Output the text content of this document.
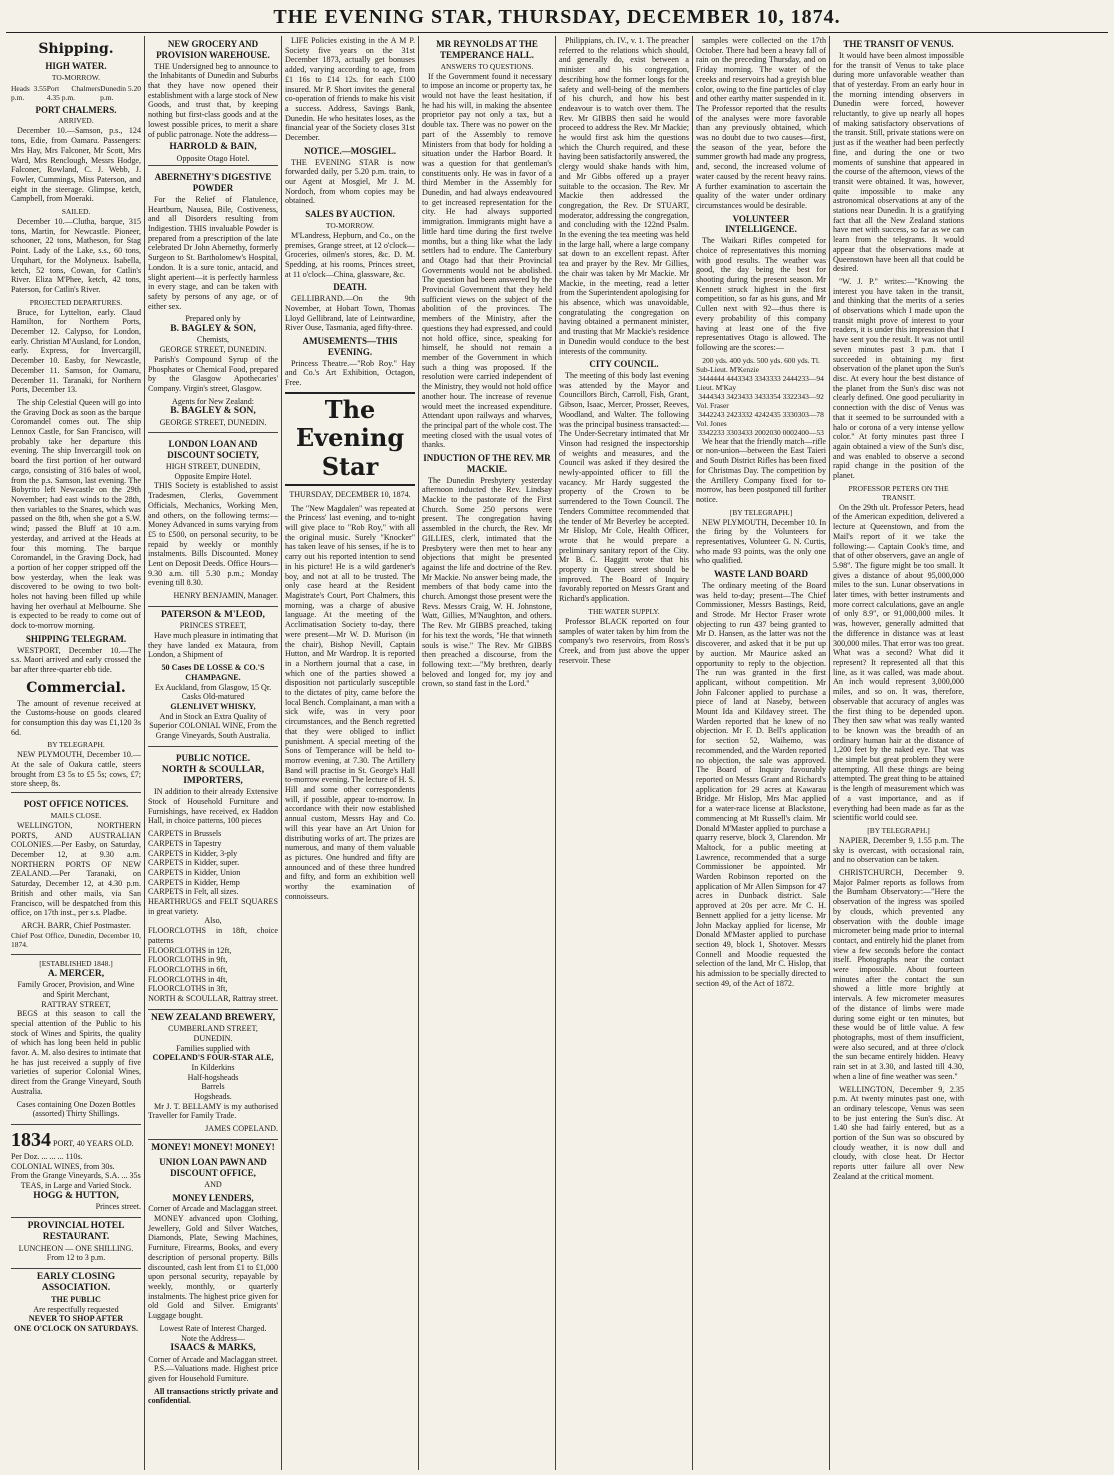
THE EVENING STAR, THURSDAY, DECEMBER 10, 1874.
Shipping.
HIGH WATER.
TO-MORROW.
Heads 3.55 p.m.
Port Chalmers 4.35 p.m.
Dunedin 5.20 p.m.
PORT CHALMERS.
ARRIVED.
December 10.—Samson, p.s., 124 tons, Edie, from Oamaru. Passengers: Mrs Hay, Mrs Falconer, Mr Scott, Mrs Ward, Mrs Renclough, Messrs Hodge, Falconer, Rowland, C. J. Webb, J. Fowler, Cummings, Miss Paterson, and eight in the steerage. Glimpse, ketch, Campbell, from Moeraki.
SAILED.
December 10.—Clutha, barque, 315 tons, Martin, for Newcastle. Pioneer, schooner, 22 tons, Matheson, for Stag Point. Lady of the Lake, s.s., 60 tons, Urquhart, for the Molyneux. Isabella, ketch, 52 tons, Cowan, for Catlin's River. Eliza M'Phee, ketch, 42 tons, Paterson, for Catlin's River.
PROJECTED DEPARTURES.
Bruce, for Lyttelton, early. Claud Hamilton, for Northern Ports, December 12. Calypso, for London, early. Christian M'Ausland, for London, early. Express, for Invercargill, December 10. Easby, for Newcastle, December 11. Samson, for Oamaru, December 11. Taranaki, for Northern Ports, December 13.
The ship Celestial Queen will go into the Graving Dock as soon as the barque Coromandel comes out. The ship Lennox Castle, for San Francisco, will probably take her departure this evening. The ship Invercargill took on board the first portion of her outward cargo, consisting of 316 bales of wool, from the p.s. Samson, last evening. The Bobyrito left Newcastle on the 29th November; had east winds to the 28th, then variables to the Snares, which was passed on the 8th, when she got a S.W. wind; passed the Bluff at 10 a.m. yesterday, and arrived at the Heads at four this morning. The barque Coromandel, in the Graving Dock, had a portion of her copper stripped off the bow yesterday, when the leak was discovered to be owing to two bolt-holes not having been filled up while having her overhaul at Melbourne. She is expected to be ready to come out of dock to-morrow morning.
SHIPPING TELEGRAM.
WESTPORT, December 10.—The s.s. Maori arrived and early crossed the bar after three-quarter ebb tide.
Commercial.
The amount of revenue received at the Customs-house on goods cleared for consumption this day was £1,120 3s 6d.
BY TELEGRAPH.
NEW PLYMOUTH, December 10.—At the sale of Oakura cattle, steers brought from £3 5s to £5 5s; cows, £7; store sheep, 8s.
POST OFFICE NOTICES.
MAILS CLOSE.
WELLINGTON, NORTHERN PORTS, AND AUSTRALIAN COLONIES.—Per Easby, on Saturday, December 12, at 9.30 a.m. NORTHERN PORTS OF NEW ZEALAND.—Per Taranaki, on Saturday, December 12, at 4.30 p.m. British and other mails, via San Francisco, will be despatched from this office, on 17th inst., per s.s. Pladbe.
ARCH. BARR, Chief Postmaster.
Chief Post Office, Dunedin, December 10, 1874.
[ESTABLISHED 1848.]
A. MERCER,
Family Grocer, Provision, and Wine and Spirit Merchant,
RATTRAY STREET,
BEGS at this season to call the special attention of the Public to his stock of Wines and Spirits, the quality of which has long been held in public favor. A. M. also desires to intimate that he has just received a supply of five varieties of superior Colonial Wines, direct from the Grange Vineyard, South Australia.
Cases containing One Dozen Bottles (assorted) Thirty Shillings.
1834 PORT, 40 YEARS OLD.
Per Doz. ... ... ... 110s.
COLONIAL WINES, from 30s.
From the Grange Vineyards, S.A. ... 35s
TEAS, in Large and Varied Stock.
HOGG & HUTTON,
Princes street.
PROVINCIAL HOTEL RESTAURANT.
LUNCHEON — ONE SHILLING. From 12 to 3 p.m.
EARLY CLOSING ASSOCIATION.
THE PUBLIC
Are respectfully requested
NEVER TO SHOP AFTER
ONE O'CLOCK ON SATURDAYS.
NEW GROCERY AND PROVISION WAREHOUSE.
THE Undersigned beg to announce to the Inhabitants of Dunedin and Suburbs that they have now opened their establishment with a large stock of New Goods, and trust that, by keeping nothing but first-class goods and at the lowest possible prices, to merit a share of public patronage. Note the address—
HARROLD & BAIN,
Opposite Otago Hotel.
ABERNETHY'S DIGESTIVE POWDER
For the Relief of Flatulence, Heartburn, Nausea, Bile, Costiveness, and all Disorders resulting from Indigestion. THIS invaluable Powder is prepared from a prescription of the late celebrated Dr John Abernethy, formerly Surgeon to St. Bartholomew's Hospital, London. It is a sure tonic, antacid, and slight aperient—it is perfectly harmless in every stage, and can be taken with safety by persons of any age, or of either sex.
Prepared only by
B. BAGLEY & SON,
Chemists,
GEORGE STREET, DUNEDIN.
Parish's Compound Syrup of the Phosphates or Chemical Food, prepared by the Glasgow Apothecaries' Company. Virgin's street, Glasgow.
Agents for New Zealand:
B. BAGLEY & SON,
GEORGE STREET, DUNEDIN.
LONDON LOAN AND DISCOUNT SOCIETY,
HIGH STREET, DUNEDIN,
Opposite Empire Hotel.
THIS Society is established to assist Tradesmen, Clerks, Government Officials, Mechanics, Working Men, and others, on the following terms:— Money Advanced in sums varying from £5 to £500, on personal security, to be repaid by weekly or monthly instalments. Bills Discounted. Money Lent on Deposit Deeds. Office Hours—9.30 a.m. till 5.30 p.m.; Monday evening till 8.30.
HENRY BENJAMIN, Manager.
PATERSON & M'LEOD,
PRINCES STREET,
Have much pleasure in intimating that they have landed ex Mataura, from London, a Shipment of
50 Cases DE LOSSE & CO.'S CHAMPAGNE.
Ex Auckland, from Glasgow, 15 Qr. Casks Old-matured
GLENLIVET WHISKY,
And in Stock an Extra Quality of Superior COLONIAL WINE, From the Grange Vineyards, South Australia.
PUBLIC NOTICE.
NORTH & SCOULLAR, IMPORTERS,
IN addition to their already Extensive Stock of Household Furniture and Furnishings, have received, ex Haddon Hall, in choice patterns, 100 pieces
CARPETS in Brussels
CARPETS in Tapestry
CARPETS in Kidder, 3-ply
CARPETS in Kidder, super.
CARPETS in Kidder, Union
CARPETS in Kidder, Hemp
CARPETS in Felt, all sizes.
HEARTHRUGS and FELT SQUARES in great variety.
Also,
FLOORCLOTHS in 18ft, choice patterns
FLOORCLOTHS in 12ft,
FLOORCLOTHS in 9ft,
FLOORCLOTHS in 6ft,
FLOORCLOTHS in 4ft,
FLOORCLOTHS in 3ft,
NORTH & SCOULLAR, Rattray street.
NEW ZEALAND BREWERY,
CUMBERLAND STREET,
DUNEDIN.
Families supplied with
COPELAND'S FOUR-STAR ALE,
In Kilderkins
Half-hogsheads
Barrels
Hogsheads.
Mr J. T. BELLAMY is my authorised Traveller for Family Trade.
JAMES COPELAND.
MONEY! MONEY! MONEY!
UNION LOAN PAWN AND DISCOUNT OFFICE,
AND
MONEY LENDERS,
Corner of Arcade and Maclaggan street.
MONEY advanced upon Clothing, Jewellery, Gold and Silver Watches, Diamonds, Plate, Sewing Machines, Furniture, Firearms, Books, and every description of personal property. Bills discounted, cash lent from £1 to £1,000 upon personal security, repayable by weekly, monthly, or quarterly instalments. The highest price given for old Gold and Silver. Emigrants' Luggage bought.
Lowest Rate of Interest Charged.
Note the Address—
ISAACS & MARKS,
Corner of Arcade and Maclaggan street.
P.S.—Valuations made. Highest price given for Household Furniture.
All transactions strictly private and confidential.
LIFE Policies existing in the A M P. Society five years on the 31st December 1873, actually get bonuses added, varying according to age, from £1 16s to £14 12s. for each £100 insured. Mr P. Short invites the general co-operation of friends to make his visit a success. Address, Savings Bank, Dunedin. He who hesitates loses, as the financial year of the Society closes 31st December.
NOTICE.—MOSGIEL.
THE EVENING STAR is now forwarded daily, per 5.20 p.m. train, to our Agent at Mosgiel, Mr J. M. Nordoch, from whom copies may be obtained.
SALES BY AUCTION.
TO-MORROW.
M'Landress, Hepburn, and Co., on the premises, Grange street, at 12 o'clock—Groceries, oilmen's stores, &c. D. M. Spedding, at his rooms, Princes street, at 11 o'clock—China, glassware, &c.
DEATH.
GELLIBRAND.—On the 9th November, at Hobart Town, Thomas Lloyd Gellibrand, late of Leintwardine, River Ouse, Tasmania, aged fifty-three.
AMUSEMENTS—THIS EVENING.
Princess Theatre.—"Rob Roy." Hay and Co.'s Art Exhibition, Octagon, Free.
The Evening Star
THURSDAY, DECEMBER 10, 1874.
The "New Magdalen" was repeated at the Princess' last evening, and to-night will give place to "Rob Roy," with all the original music. Surely "Knocker" has taken leave of his senses, if he is to carry out his reported intention to send in his picture! He is a wild gardener's boy, and not at all to be trusted. The only case heard at the Resident Magistrate's Court, Port Chalmers, this morning, was a charge of abusive language. At the meeting of the Acclimatisation Society to-day, there were present—Mr W. D. Murison (in the chair), Bishop Nevill, Captain Hutton, and Mr Wardrop. It is reported in a Northern journal that a case, in which one of the parties showed a disposition not particularly susceptible to the dictates of pity, came before the local Bench. Complainant, a man with a sick wife, was in very poor circumstances, and the Bench regretted that they were obliged to inflict punishment. A special meeting of the Sons of Temperance will be held to-morrow evening, at 7.30. The Artillery Band will practise in St. George's Hall to-morrow evening. The lecture of H. S. Hill and some other correspondents will, if possible, appear to-morrow. In accordance with their now established annual custom, Messrs Hay and Co. will this year have an Art Union for distributing works of art. The prizes are numerous, and many of them valuable as pictures. One hundred and fifty are announced and of these three hundred and fifty, and form an exhibition well worthy the examination of connoisseurs.
MR REYNOLDS AT THE TEMPERANCE HALL.
ANSWERS TO QUESTIONS.
If the Government found it necessary to impose an income or property tax, he would not have the least hesitation, if he had his will, in making the absentee proprietor pay not only a tax, but a double tax. There was no power on the part of the Assembly to remove Ministers from that body for holding a situation under the Harbor Board. It was a question for that gentleman's constituents only. He was in favor of a third Member in the Assembly for Dunedin, and had always endeavoured to get increased representation for the city. He had always supported immigration. Immigrants might have a little hard time during the first twelve months, but a thing like what the lady settlers had to endure. The Canterbury and Otago had that their Provincial Governments would not be abolished. The question had been answered by the Provincial Government that they held sufficient views on the subject of the abolition of the provinces. The members of the Ministry, after the questions they had expressed, and could not hold office, since, speaking for himself, he should not remain a member of the Government in which such a thing was proposed. If the resolution were carried independent of the Ministry, they would not hold office another hour. The increase of revenue would meet the increased expenditure. Attendant upon railways and wharves, the principal part of the whole cost. The meeting closed with the usual votes of thanks.
INDUCTION OF THE REV. MR MACKIE.
The Dunedin Presbytery yesterday afternoon inducted the Rev. Lindsay Mackie to the pastorate of the First Church. Some 250 persons were present. The congregation having assembled in the church, the Rev. Mr GILLIES, clerk, intimated that the Presbytery were then met to hear any objections that might be presented against the life and doctrine of the Rev. Mr Mackie. No answer being made, the members of that body came into the church. Amongst those present were the Revs. Messrs Craig, W. H. Johnstone, Watt, Gillies, M'Naughton, and others. The Rev. Mr GIBBS preached, taking for his text the words, "He that winneth souls is wise." The Rev. Mr GIBBS then preached a discourse, from the following text:—"My brethren, dearly beloved and longed for, my joy and crown, so stand fast in the Lord."
Philippians, ch. IV., v. 1. The preacher referred to the relations which should, and generally do, exist between a minister and his congregation, describing how the former longs for the safety and well-being of the members of his church, and how his best endeavour is to watch over them. The Rev. Mr GIBBS then said he would proceed to address the Rev. Mr Mackie; he would first ask him the questions which the Church required, and these having been satisfactorily answered, the clergy would shake hands with him, and Mr Gibbs offered up a prayer suitable to the occasion. The Rev. Mr Mackie then addressed the congregation, the Rev. Dr STUART, moderator, addressing the congregation, and concluding with the 122nd Psalm. In the evening the tea meeting was held in the large hall, where a large company sat down to an excellent repast. After tea and prayer by the Rev. Mr Gillies, the chair was taken by Mr Mackie. Mr Mackie, in the meeting, read a letter from the Superintendent apologising for his absence, which was unavoidable, congratulating the congregation on having obtained a permanent minister, and trusting that Mr Mackie's residence in Dunedin would conduce to the best interests of the community.
CITY COUNCIL.
The meeting of this body last evening was attended by the Mayor and Councillors Birch, Carroll, Fish, Grant, Gibson, Isaac, Mercer, Prosser, Reeves, Woodland, and Walter. The following was the principal business transacted:— The Under-Secretary intimated that Mr Vinson had resigned the inspectorship of weights and measures, and the Council was asked if they desired the newly-appointed officer to fill the vacancy. Mr Hardy suggested the property of the Crown to be surrendered to the Town Council. The Tenders Committee recommended that the tender of Mr Beverley be accepted. Mr Hislop, Mr Cole, Health Officer, wrote that he would prepare a preliminary sanitary report of the City. Mr B. C. Haggitt wrote that his property in Queen street should be improved. The Board of Inquiry favorably reported on Messrs Grant and Richard's application.
THE WATER SUPPLY.
Professor BLACK reported on four samples of water taken by him from the company's two reservoirs, from Ross's Creek, and from just above the upper reservoir. These
samples were collected on the 17th October. There had been a heavy fall of rain on the preceding Thursday, and on Friday morning. The water of the creeks and reservoirs had a greyish blue color, owing to the fine particles of clay and other earthy matter suspended in it. The Professor reported that the results of the analyses were more favorable than any previously obtained, which was no doubt due to two causes—first, the season of the year, before the summer growth had made any progress, and, second, the increased volume of water caused by the recent heavy rains. A further examination to ascertain the quality of the water under ordinary circumstances would be desirable.
VOLUNTEER INTELLIGENCE.
The Waikari Rifles competed for choice of representatives this morning with good results. The weather was good, the day being the best for shooting during the present season. Mr Kennett struck highest in the first competition, so far as his guns, and Mr Cullen next with 92—thus there is every probability of this company having at least one of the five representatives Otago is allowed. The following are the scores:—
200 yds. 400 yds. 500 yds. 600 yds. Tl.
Sub-Lieut. M'Kenzie
3444444 4443343 3343333 2444233—94
Lieut. M'Kay
3444343 3423433 3433354 3322343—92
Vol. Fraser
3442243 2423332 4242435 3330303—78
Vol. Jones
3342233 3303433 2002030 0002400—53
We hear that the friendly match—rifle or non-union—between the East Taieri and South District Rifles has been fixed for Christmas Day. The competition by the Artillery Company fixed for to-morrow, has been postponed till further notice.
[BY TELEGRAPH.]
NEW PLYMOUTH, December 10. In the firing by the Volunteers for representatives, Volunteer G. N. Curtis, who made 93 points, was the only one who qualified.
WASTE LAND BOARD
The ordinary meeting of the Board was held to-day; present—The Chief Commissioner, Messrs Bastings, Reid, and Strode. Mr Hector Fraser wrote objecting to run 437 being granted to Mr D. Hansen, as the latter was not the discoverer, and asked that it be put up by auction. Mr Maurice asked an opportunity to reply to the objection. The run was granted in the first applicant, without competition. Mr John Falconer applied to purchase a piece of land at Naseby, between Mount Ida and Kildavey street. The Warden reported that he knew of no objection. Mr F. D. Bell's application for section 52, Waihemo, was recommended, and the Warden reported no objection, the sale was approved. The Board of Inquiry favourably reported on Messrs Grant and Richard's application for 29 acres at Kawarau Bridge. Mr Hislop, Mrs Mac applied for a water-race license at Blackstone, commencing at Mt Russell's claim. Mr Donald M'Master applied to purchase a quarry reserve, block 3, Clarendon. Mr Maltock, for a public meeting at Lawrence, recommended that a surge Commissioner be appointed. Mr Warden Robinson reported on the application of Mr Allen Simpson for 47 acres in Dunback district. Sale approved at 20s per acre. Mr C. H. Bennett applied for a jetty license. Mr John Mackay applied for license, Mr Donald M'Master applied to purchase section 49, block 1, Shotover. Messrs Connell and Moodie requested the selection of the land, Mr C. Hislop, that his admission to be specially directed to section 49, of the Act of 1872.
THE TRANSIT OF VENUS.
It would have been almost impossible for the transit of Venus to take place during more unfavorable weather than that of yesterday. From an early hour in the morning intending observers in Dunedin were forced, however reluctantly, to give up nearly all hopes of making satisfactory observations of the transit. Still, private stations were on just as if the weather had been perfectly fine, and during the one or two moments of sunshine that appeared in the course of the afternoon, views of the transit were obtained. It was, however, quite impossible to make any astronomical observations at any of the stations near Dunedin. It is a gratifying fact that all the New Zealand stations have met with success, so far as we can learn from the telegrams. It would appear that the observations made at Queenstown have been all that could be desired.
"W. J. P." writes:—"Knowing the interest you have taken in the transit, and thinking that the merits of a series of observations which I made upon the transit might prove of interest to your readers, it is under this impression that I have sent you the result. It was not until seven minutes past 3 p.m. that I succeeded in obtaining my first observation of the planet upon the Sun's disc. At every hour the best distance of the planet from the Sun's disc was not clearly defined. One good peculiarity in connection with the disc of Venus was that it seemed to be surrounded with a halo or corona of a very intense yellow color." At forty minutes past three I again obtained a view of the Sun's disc, and was enabled to observe a second rapid change in the position of the planet.
PROFESSOR PETERS ON THE TRANSIT.
On the 29th ult. Professor Peters, head of the American expedition, delivered a lecture at Queenstown, and from the Mail's report of it we take the following:— Captain Cook's time, and that of other observers, gave an angle of 5.98". The figure might be too small. It gives a distance of about 95,000,000 miles to the sun. Lunar observations in later times, with better instruments and more correct calculations, gave an angle of only 8.9", or 91,000,000 miles. It was, however, generally admitted that the difference in distance was at least 300,000 miles. That error was too great. What was a second? What did it represent? It represented all that this line, as it was called, was made about. An inch would represent 3,000,000 miles, and so on. It was, therefore, observable that accuracy of angles was the first thing to be depended upon. They then saw what was really wanted to be known was the breadth of an ordinary human hair at the distance of 1,200 feet by the naked eye. That was the simple but great problem they were attempting. All these things are being attempted. The great thing to be attained is the length of measurement which was of a vast importance, and as if everything had been made as far as the scientific world could see.
[BY TELEGRAPH.]
NAPIER, December 9, 1.55 p.m. The sky is overcast, with occasional rain, and no observation can be taken.
CHRISTCHURCH, December 9. Major Palmer reports as follows from the Burnham Observatory:—"Here the observation of the ingress was spoiled by clouds, which prevented any observation with the double image micrometer being made prior to internal contact, and entirely hid the planet from view a few seconds before the contact itself. Photographs near the contact were impossible. About fourteen minutes after the contact the sun showed a little more brightly at intervals. A few micrometer measures of the distance of limbs were made during some eight or ten minutes, but these would be of little value. A few photographs, most of them insufficient, were also secured, and at three o'clock the sun became entirely hidden. Heavy rain set in at 3.30, and lasted till 4.30, when a line of fine weather was seen."
WELLINGTON, December 9, 2.35 p.m. At twenty minutes past one, with an ordinary telescope, Venus was seen to be just entering the Sun's disc. At 1.40 she had fairly entered, but as a portion of the Sun was so obscured by cloudy weather, it is now dull and cloudy, with close heat. Dr Hector reports utter failure all over New Zealand at the critical moment.
